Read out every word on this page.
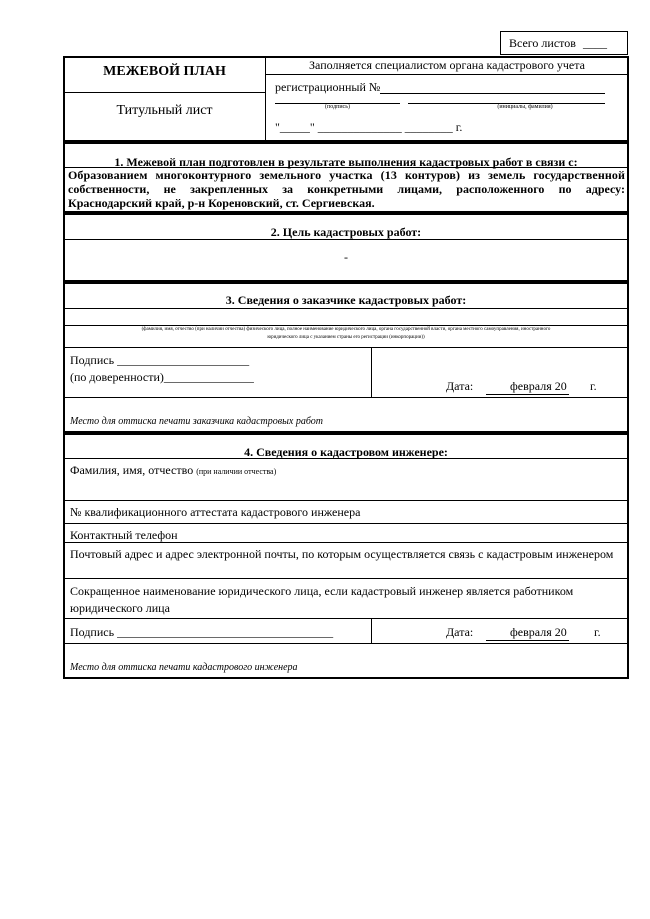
Всего листов ____
МЕЖЕВОЙ ПЛАН
Титульный лист
Заполняется специалистом органа кадастрового учета
регистрационный №
(подпись)	(инициалы, фамилия)
"_____" ______________ ________ г.
1. Межевой план подготовлен в результате выполнения кадастровых работ в связи с:
Образованием многоконтурного земельного участка (13 контуров) из земель государственной
собственности, не закрепленных за конкретными лицами, расположенного по адресу:
Краснодарский край, р-н Кореновский, ст. Сергиевская.
2. Цель кадастровых работ:
-
3. Сведения о заказчике кадастровых работ:
(фамилия, имя, отчество (при наличии отчества) физического лица, полное наименование юридического лица, органа государственной власти, органа местного самоуправления, иностранного
юридического лица с указанием страны его регистрации (инкорпорации))
Подпись ______________________
(по доверенности)_______________
Дата:	февраля 20 г.
Место для оттиска печати заказчика кадастровых работ
4. Сведения о кадастровом инженере:
Фамилия, имя, отчество (при наличии отчества)
№ квалификационного аттестата кадастрового инженера
Контактный телефон
Почтовый адрес и адрес электронной почты, по которым осуществляется связь с кадастровым инженером
Сокращенное наименование юридического лица, если кадастровый инженер является работником
юридического лица
Подпись ____________________________________	Дата:	февраля 20 г.
Место для оттиска печати кадастрового инженера
